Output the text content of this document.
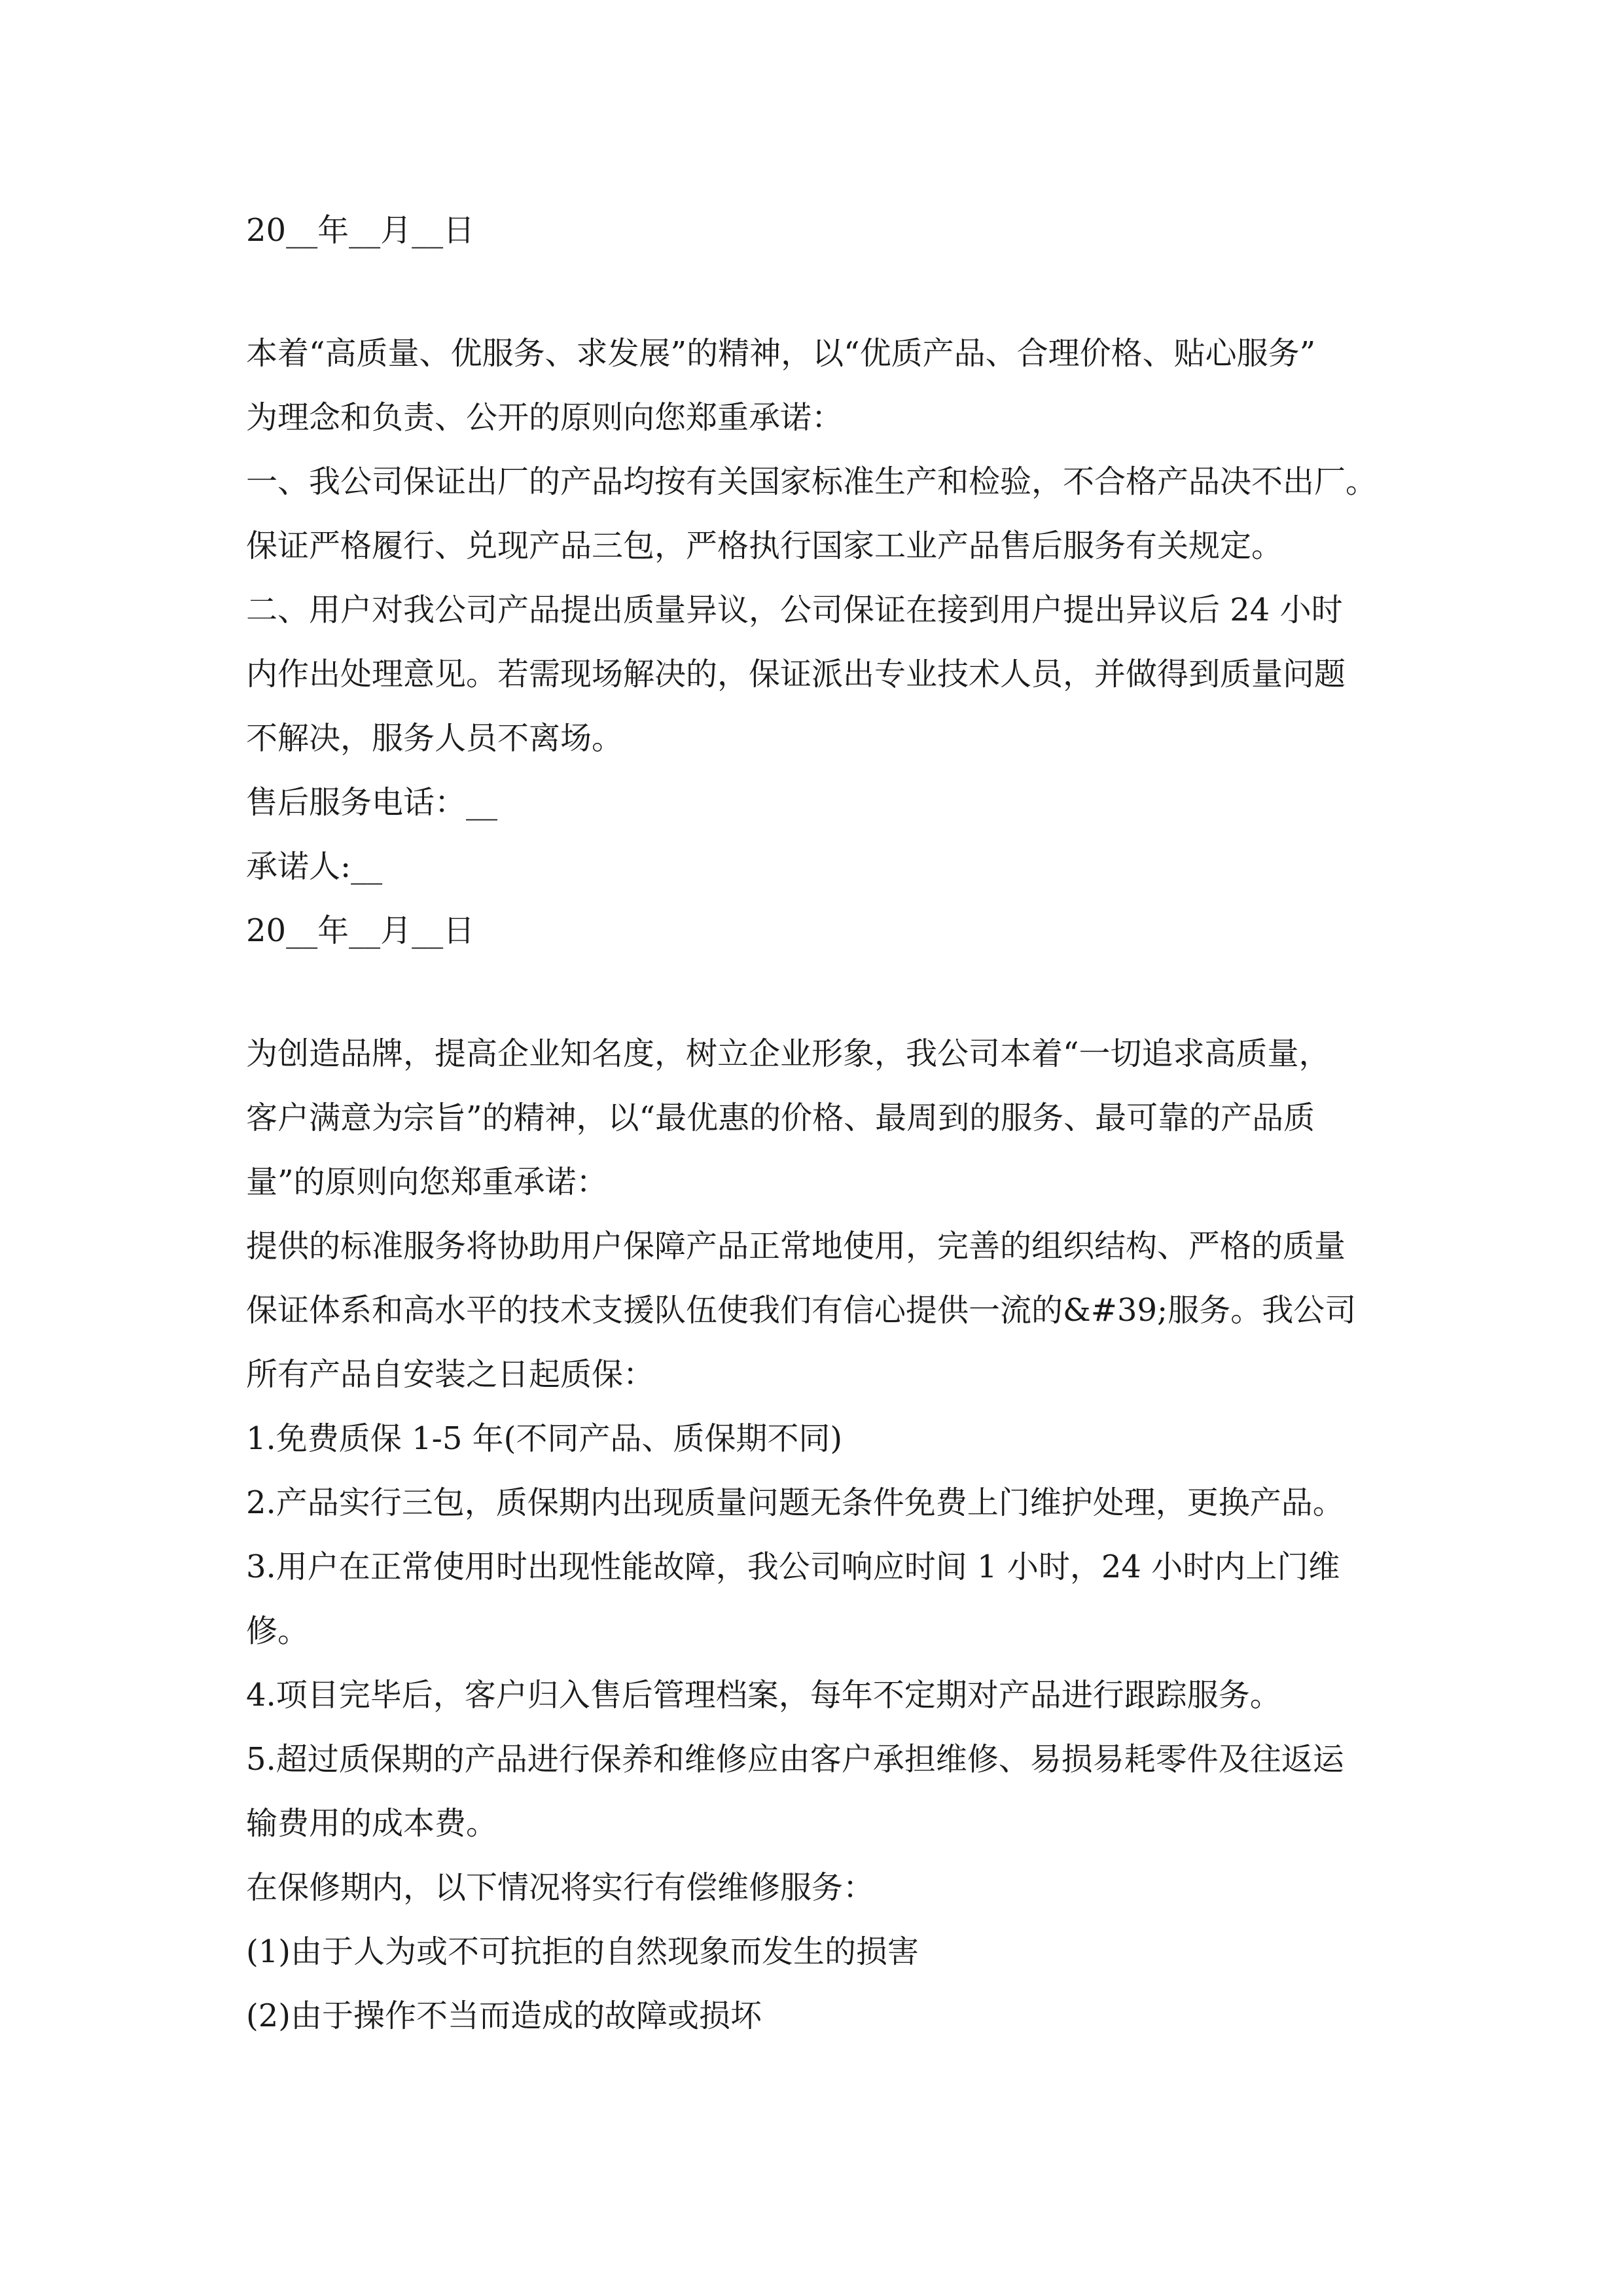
20__年__月__日

本着“高质量、优服务、求发展”的精神，以“优质产品、合理价格、贴心服务”

为理念和负责、公开的原则向您郑重承诺：

一、我公司保证出厂的产品均按有关国家标准生产和检验，不合格产品决不出厂。

保证严格履行、兑现产品三包，严格执行国家工业产品售后服务有关规定。

二、用户对我公司产品提出质量异议，公司保证在接到用户提出异议后 24 小时

内作出处理意见。若需现场解决的，保证派出专业技术人员，并做得到质量问题

不解决，服务人员不离场。

售后服务电话：__

承诺人:__

20__年__月__日

为创造品牌，提高企业知名度，树立企业形象，我公司本着“一切追求高质量，

客户满意为宗旨”的精神，以“最优惠的价格、最周到的服务、最可靠的产品质

量”的原则向您郑重承诺：

提供的标准服务将协助用户保障产品正常地使用，完善的组织结构、严格的质量

保证体系和高水平的技术支援队伍使我们有信心提供一流的&#39;服务。我公司

所有产品自安装之日起质保：

1.免费质保 1-5 年(不同产品、质保期不同)

2.产品实行三包，质保期内出现质量问题无条件免费上门维护处理，更换产品。

3.用户在正常使用时出现性能故障，我公司响应时间 1 小时，24 小时内上门维

修。

4.项目完毕后，客户归入售后管理档案，每年不定期对产品进行跟踪服务。

5.超过质保期的产品进行保养和维修应由客户承担维修、易损易耗零件及往返运

输费用的成本费。

在保修期内，以下情况将实行有偿维修服务：

(1)由于人为或不可抗拒的自然现象而发生的损害

(2)由于操作不当而造成的故障或损坏
